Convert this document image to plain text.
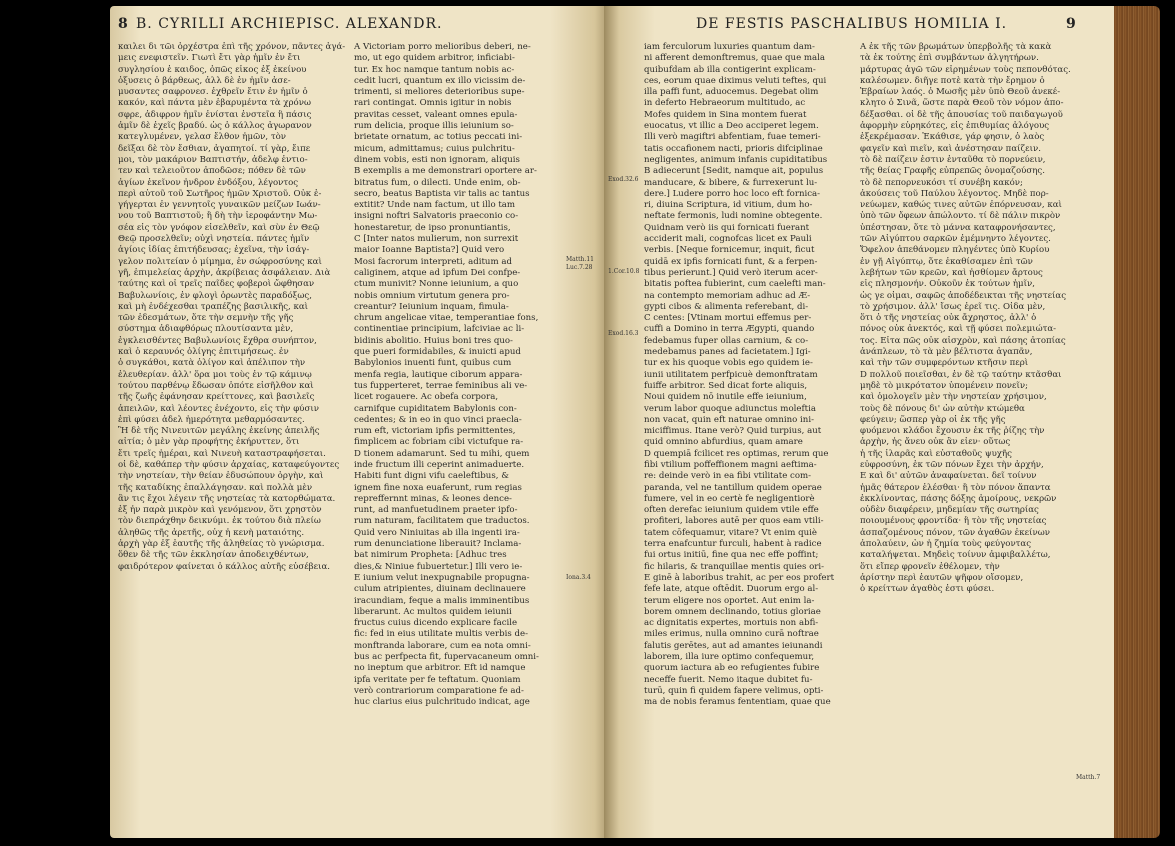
8 B. CYRILLI ARCHIEPISC. ALEXANDR.
καιλει δι τῶι ὀρχέστρα ἐπὶ τῆς χρόνον, πᾶντες ἀγά-
μεις ενεφιστεῖν. Γιωτὶ ἔτι γὰρ ἡμῖν ἐν ἔτι
συγλησίου ἐ καιδος, ὁπῶς εἶκος ἐξ ἐκείνου
ὀξυσεις ὁ βάρθεως, ἀλλ δὲ ἐν ἡμῖν ἀσε-
μυσαντες σαφρονεσ. ἐχθρεῖν ἔτιν ἐν ἡμῖν ὁ
κακόν, καὶ πάντα μὲν ἐβαρυμέντα τὰ χρόνω
σφρε, ἀδιφρον ἡμῖν ἐνίσται ἐνστεῖα ἢ πάσις
ἀμῖν δὲ ἐχεῖς βραδύ. ὡς ὁ κάλλος ἀγωρανον
κατεγλυμένεν, γελασ ἔλθον ἡμῶν, τὸν
δεῖξαι δὲ τὸν ἔσθιαν, ἀγαπητοί. τί γὰρ, ἔιπε
μοι, τὸν μακάριον Βαπτιστήν, ἀδελφ ἐντιο-
τεν καὶ τελειοῦτον ἀποδῶσε; πόθεν δὲ τῶν
ἀγίων ἐκεῖνον ἦνδρον ἐνδόξου, λέγοντος
περὶ αὐτοῦ τοῦ Σωτῆρος ἡμῶν Χριστοῦ. Οὐκ ἐ-
γήγερται ἐν γεννητοῖς γυναικῶν μείζων Ιωάν-
νου τοῦ Βαπτιστοῦ; ἢ δὴ τὴν ἱεροφάντην Μω-
σέα εἰς τὸν γνόφον εἰσελθεῖν, καὶ σὺν ἐν Θεῷ
Θεῷ προσελθεῖν; οὐχὶ νηστεία. πάντες ἡμῖν
ἀγίοις ἰδίας ἐπιτήδευσας; ἐχεῖνα, τὴν ἰσάγ-
γελον πολιτείαν ὁ μίμημα, ἐν σώφροσύνης καὶ
γῆ, ἐπιμελείας ἀρχὴν, ἀκρίβειας ἀσφάλειαν. Διὰ
ταύτης καὶ οἱ τρεῖς παῖδες φοβεροὶ ὤφθησαν
Βαβυλωνίοις, ἐν φλογὶ ὁρωντὲς παραδόξως,
καὶ μὴ ἐνδέχεσθαι τραπέζης βασιλικῆς, καὶ
τῶν ἐδεσμάτων, ὅτε τὴν σεμνὴν τῆς γῆς
σύστημα ἀδιαφθόρως πλουτίσαντα μὲν,
ἐγκλεισθέντες Βαβυλωνίοις ἔχθρα συνήπτον,
καὶ ὁ κεραυνός ὀλίγης ἐπιτιμήσεως. ἐν
ὁ συγκάθοι, κατὰ ὀλίγον καὶ ἀπέλιπον τὴν
ἐλευθερίαν. ἀλλ' ὅρα μοι τοὺς ἐν τῷ κάμινῳ
τούτου παρθένῳ ἔδωσαν ὁπότε εἰσῆλθον καὶ
τῆς ζωῆς ἐφάνησαν κρείττονες, καὶ βασιλεῖς
ἀπειλῶν, καὶ λέοντες ἐνέχοντο, εἰς τὴν φύσιν
ἐπὶ φύσει ἀδελ ἡμερότητα μεθαρμόσαντες.
Ἢ δὲ τῆς Νινευιτῶν μεγάλης ἐκείνης ἀπειλῆς
αἰτία; ὁ μὲν γὰρ προφήτης ἐκήρυττεν, ὅτι
ἔτι τρεῖς ἡμέραι, καὶ Νινευὴ καταστραφήσεται.
οἱ δὲ, καθάπερ τὴν φύσιν ἀρχαίας, καταφεύγοντες
τὴν νηστείαν, τὴν θείαν ἐδυσώπουν ὀργὴν, καὶ
τῆς καταδίκης ἐπαλλάγησαν. καὶ πολλὰ μὲν
ἂν τις ἔχοι λέγειν τῆς νηστείας τὰ κατορθώματα.
ἐξ ἧν παρὰ μικρὸν καὶ γενόμενον, ὅτι χρηστὸν
τὸν διεπράχθην δεικνύμι. ἐκ τούτου διὰ πλείω
ἀληθῶς τῆς ἀρετῆς, οὐχ ἡ κενὴ ματαιότης.
ἀρχὴ γὰρ ἐξ ἑαυτῆς τῆς ἀληθείας τὸ γνώρισμα.
ὅθεν δὲ τῆς τῶν ἐκκλησίαν ἀποδειχθέντων,
φαιδρότερον φαίνεται ὁ κάλλος αὐτῆς εὐσέβεια.
A Victoriam porro melioribus deberi, ne-
mo, ut ego quidem arbitror, inficiabi-
tur. Ex hoc namque tantum nobis ac-
cedit lucri, quantum ex illo vicissim de-
trimenti, si meliores deterioribus supe-
rari contingat. Omnis igitur in nobis
pravitas cesset, valeant omnes epula-
rum delicia, proque illis ieiunium so-
brietate ornatum, ac totius peccati ini-
micum, admittamus; cuius pulchritu-
dinem vobis, esti non ignoram, aliquis
B exemplis a me demonstrari oportere ar-
bitratus fum, o dilecti. Unde enim, ob-
secro, beatus Baptista vir talis ac tantus
extitit? Unde nam factum, ut illo tam
insigni noftri Salvatoris praeconio co-
honestaretur, de ipso pronuntiantis,
C [Inter natos mulierum, non surrexit
maior Ioanne Baptista?] Quid vero
Mosi facrorum interpreti, aditum ad
caliginem, atque ad ipfum Dei confpe-
ctum munivit? Nonne ieiunium, a quo
nobis omnium virtutum genera pro-
creantur? Ieiunium inquam, fimula-
chrum angelicae vitae, temperantiae fons,
continentiae principium, lafciviae ac li-
bidinis abolitio. Huius boni tres quo-
que pueri formidabiles, & inuicti apud
Babylonios inuenti funt, quibus cum
menfa regia, lautique ciborum appara-
tus fupperteret, terrae feminibus ali ve-
licet rogauere. Ac obefa corpora,
carnifque cupiditatem Babylonis con-
cedentes; & in eo in quo vinci praecla-
rum eft, victoriam ipfis permittentes,
fimplicem ac fobriam cibi victufque ra-
D tionem adamarunt. Sed tu mihi, quem
inde fructum illi ceperint animaduerte.
Habiti funt digni vifu caeleftibus, &
ignem fine noxa euaferunt, rum regias
repreffernnt minas, & leones dence-
runt, ad manfuetudinem praeter ipfo-
rum naturam, facilitatem que traductos.
Quid vero Niniuitas ab illa ingenti ira-
rum denunciatione liberauit? Inclama-
bat nimirum Propheta: [Adhuc tres
dies,& Niniue fubuertetur.] Illi vero ie-
E iunium velut inexpugnabile propugna-
culum atripientes, diuinam declinauere
iracundiam, feque a malis imminentibus
liberarunt. Ac multos quidem ieiunii
fructus cuius dicendo explicare facile
fic: fed in eius utilitate multis verbis de-
monftranda laborare, cum ea nota omni-
bus ac perfpecta fit, fupervacaneum omni-
no ineptum que arbitror. Eft id namque
ipfa veritate per fe teftatum. Quoniam
verò contrariorum comparatione fe ad-
huc clarius eius pulchritudo indicat, age
Matth.11
Luc.7.28
Iona.3.4
DE FESTIS PASCHALIBUS HOMILIA I.	9
Exod.32.6
1.Cor.10.8
Exod.16.3
iam ferculorum luxuries quantum dam-
ni afferent demonftremus, quae que mala
quibufdam ab illa contigerint explicam-
ces, eorum quae diximus veluti teftes, qui
illa paffi funt, aduocemus. Degebat olim
in deferto Hebraeorum multitudo, ac
Mofes quidem in Sina montem fuerat
euocatus, vt illic a Deo acciperet legem.
Illi verò magiftri abfentiam, fuae temeri-
tatis occafionem nacti, prioris difciplinae
negligentes, animum infanis cupiditatibus
B adiecerunt [Sedit, namque ait, populus
manducare, & bibere, & furrexerunt lu-
dere.] Ludere porro hoc loco eft fornica-
ri, diuina Scriptura, id vitium, dum ho-
neftate fermonis, ludi nomine obtegente.
Quidnam verò iis qui fornicati fuerant
acciderit mali, cognofcas licet ex Pauli
verbis. [Neque fornicemur, inquit, ficut
quidā ex ipfis fornicati funt, & a ferpen-
tibus perierunt.] Quid verò iterum acer-
bitatis poftea fubierint, cum caelefti man-
na contempto memoriam adhuc ad Æ-
gypti cibos & alimenta referebant, di-
C centes: [Vtinam mortui effemus per-
cuffi a Domino in terra Ægypti, quando
fedebamus fuper ollas carnium, & co-
medebamus panes ad facietatem.] Igi-
tur ex his quoque vobis ego quidem ie-
iunii utilitatem perfpicuè demonftratam
fuiffe arbitror. Sed dicat forte aliquis,
Noui quidem nō inutile effe ieiunium,
verum labor quoque adiunctus moleftia
non vacat, quin eft naturae omnino ini-
miciffimus. Itane verò? Quid turpius, aut
quid omnino abfurdius, quam amare
D quempiā fcilicet res optimas, rerum que
fibi vtilium poffeffionem magni aeftima-
re: deinde verò in ea fibi vtilitate com-
paranda, vel ne tantillum quidem operae
fumere, vel in eo certè fe negligentiorè
often derefac ieiunium quidem vtile effe
profiteri, labores autē per quos eam vtili-
tatem cōfequamur, vitare? Vt enim quiè
terra enafcuntur furculi, habent à radice
fui ortus initiū, fine qua nec effe poffint;
fic hilaris, & tranquillae mentis quies ori-
E ginē à laboribus trahit, ac per eos profert
fefe late, atque oftēdit. Duorum ergo al-
terum eligere nos oportet. Aut enim la-
borem omnem declinando, totius gloriae
ac dignitatis expertes, mortuis non abfi-
miles erimus, nulla omnino curā noftrae
falutis gerētes, aut ad amantes ieiunandi
laborem, illa iure optimo confequemur,
quorum iactura ab eo refugientes fubire
neceffe fuerit. Nemo itaque dubitet fu-
turū, quin fi quidem fapere velimus, opti-
ma de nobis feramus fententiam, quae que
A ἐκ τῆς τῶν βρωμάτων ὑπερβολῆς τὰ κακὰ
τὰ ἐκ τούτης ἐπὶ συμβάντων ἀλγητήρων.
μάρτυρας ἀγῶ τῶν εἰρημένων τοὺς πεπονθότας.
καλέσωμεν. διῆγε ποτὲ κατὰ τὴν ἔρημον ὁ
Ἑβραίων λαός. ὁ Μωσῆς μὲν ὑπὸ Θεοῦ ἀνεκέ-
κλητο ὁ Σινᾶ, ὥστε παρὰ Θεοῦ τὸν νόμον ἀπο-
δέξασθαι. οἱ δὲ τῆς ἀπουσίας τοῦ παιδαγωγοῦ
ἀφορμὴν εὑρηκότες, εἰς ἐπιθυμίας ἀλόγους
ἐξεκρέμασαν. Ἐκάθισε, γάρ φησιν, ὁ λαὸς
φαγεῖν καὶ πιεῖν, καὶ ἀνέστησαν παίζειν.
τὸ δὲ παίζειν ἐστιν ἐνταῦθα τὸ πορνεύειν,
τῆς θείας Γραφῆς εὐπρεπῶς ὀνομαζούσης.
τὸ δὲ πεπορνευκόσι τί συνέβη κακόν;
ἀκούσεις τοῦ Παύλου λέγοντος. Μηδὲ πορ-
νεύωμεν, καθώς τινες αὐτῶν ἐπόρνευσαν, καὶ
ὑπὸ τῶν ὄφεων ἀπώλοντο. τί δὲ πάλιν πικρὸν
ὑπέστησαν, ὅτε τὸ μάννα καταφρονήσαντες,
τῶν Αἰγύπτου σαρκῶν ἐμέμνηντο λέγοντες.
Ὄφελον ἀπεθάνομεν πληγέντες ὑπὸ Κυρίου
ἐν γῇ Αἰγύπτῳ, ὅτε ἐκαθίσαμεν ἐπὶ τῶν
λεβήτων τῶν κρεῶν, καὶ ἠσθίομεν ἄρτους
εἰς πλησμονήν. Οὐκοῦν ἐκ τούτων ἡμῖν,
ὡς γε οἶμαι, σαφῶς ἀποδέδεικται τῆς νηστείας
τὸ χρήσιμον. ἀλλ' ἴσως ἐρεῖ τις. Οἶδα μὲν,
ὅτι ὁ τῆς νηστείας οὐκ ἄχρηστος, ἀλλ' ὁ
πόνος οὐκ ἀνεκτός, καὶ τῇ φύσει πολεμιώτα-
τος. Εἶτα πῶς οὐκ αἰσχρὸν, καὶ πάσης ἀτοπίας
ἀνάπλεων, τὸ τὰ μὲν βέλτιστα ἀγαπᾶν,
καὶ τὴν τῶν συμφερόντων κτῆσιν περὶ
D πολλοῦ ποιεῖσθαι, ἐν δὲ τῷ ταύτην κτᾶσθαι
μηδὲ τὸ μικρότατον ὑπομένειν πονεῖν;
καὶ ὁμολογεῖν μὲν τὴν νηστείαν χρήσιμον,
τοὺς δὲ πόνους δι' ὧν αὐτὴν κτώμεθα
φεύγειν; ὥσπερ γὰρ οἱ ἐκ τῆς γῆς
φυόμενοι κλάδοι ἔχουσιν ἐκ τῆς ῥίζης τὴν
ἀρχὴν, ἧς ἄνευ οὐκ ἂν εἶεν· οὕτως
ἡ τῆς ἱλαρᾶς καὶ εὐσταθοῦς ψυχῆς
εὐφροσύνη, ἐκ τῶν πόνων ἔχει τὴν ἀρχήν,
E καὶ δι' αὐτῶν ἀναφαίνεται. δεῖ τοίνυν
ἡμᾶς θάτερον ἑλέσθαι· ἢ τὸν πόνον ἅπαντα
ἐκκλίνοντας, πάσης δόξης ἀμοίρους, νεκρῶν
οὐδὲν διαφέρειν, μηδεμίαν τῆς σωτηρίας
ποιουμένους φροντίδα· ἢ τὸν τῆς νηστείας
ἀσπαζομένους πόνον, τῶν ἀγαθῶν ἐκείνων
ἀπολαύειν, ὧν ἡ ζημία τοὺς φεύγοντας
καταλήψεται. Μηδεὶς τοίνυν ἀμφιβαλλέτω,
ὅτι εἴπερ φρονεῖν ἐθέλομεν, τὴν
ἀρίστην περὶ ἑαυτῶν ψῆφον οἴσομεν,
ὁ κρείττων ἀγαθὸς ἐστι φύσει.
Matth.7
